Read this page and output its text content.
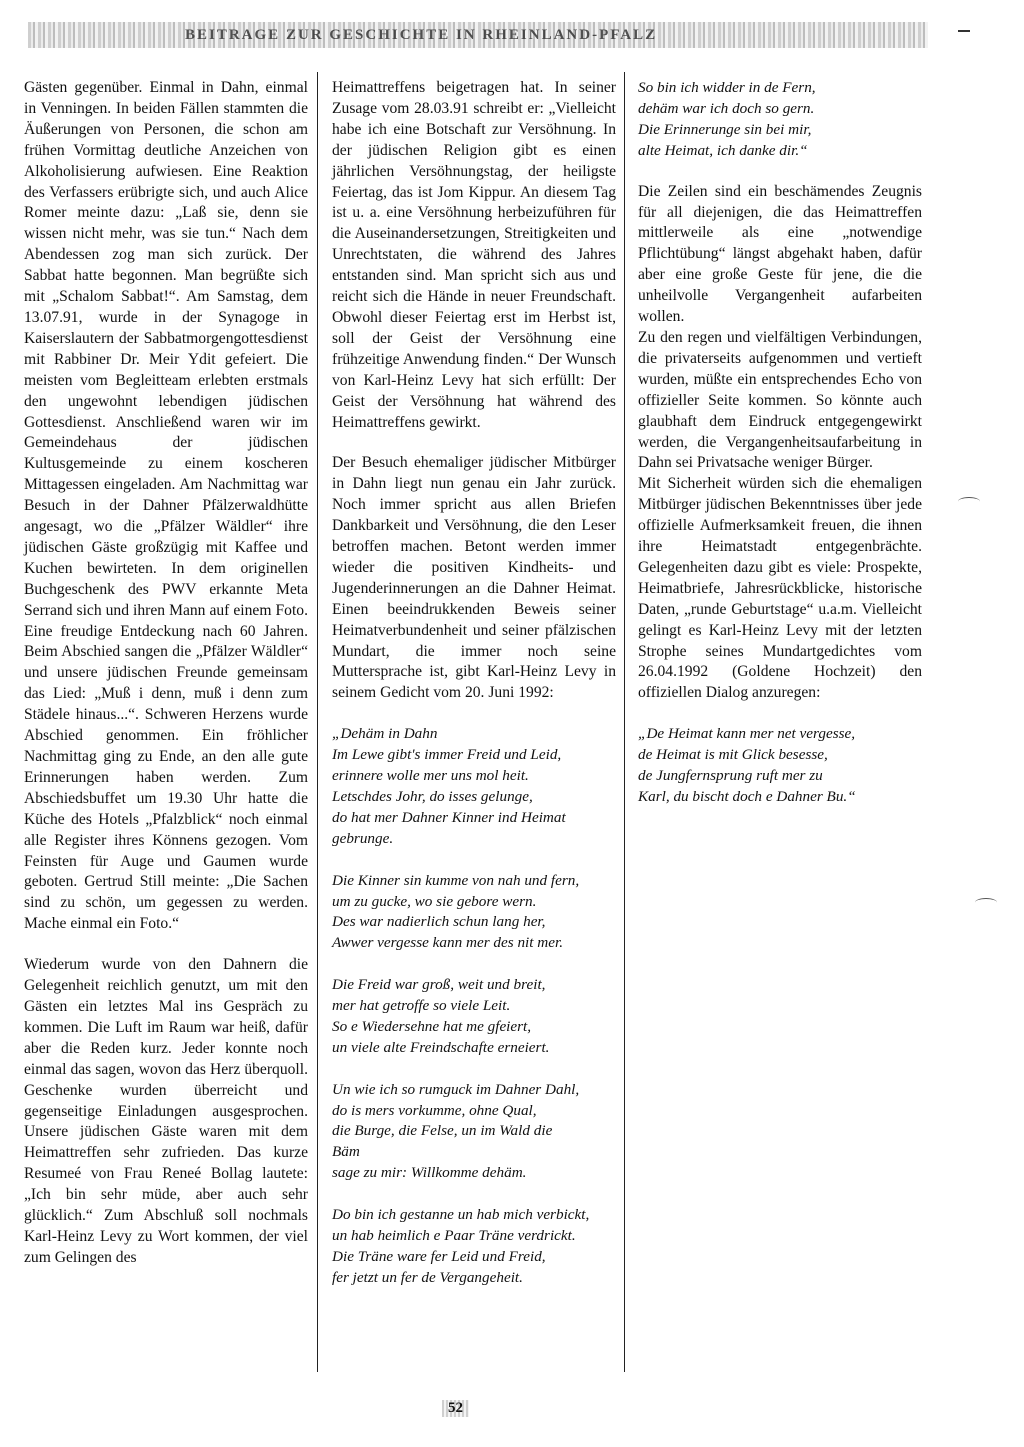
BEITRAGE ZUR GESCHICHTE IN RHEINLAND-PFALZ

Gästen gegenüber. Einmal in Dahn, einmal in Venningen. In beiden Fällen stammten die Äußerungen von Personen, die schon am frühen Vormittag deutliche Anzeichen von Alkoholisierung aufwiesen. Eine Reaktion des Verfassers erübrigte sich, und auch Alice Romer meinte dazu: „Laß sie, denn sie wissen nicht mehr, was sie tun.“ Nach dem Abendessen zog man sich zurück. Der Sabbat hatte begonnen. Man begrüßte sich mit „Schalom Sabbat!“. Am Samstag, dem 13.07.91, wurde in der Synagoge in Kaiserslautern der Sabbatmorgengottesdienst mit Rabbiner Dr. Meir Ydit gefeiert. Die meisten vom Begleitteam erlebten erstmals den ungewohnt lebendigen jüdischen Gottesdienst. Anschließend waren wir im Gemeindehaus der jüdischen Kultusgemeinde zu einem koscheren Mittagessen eingeladen. Am Nachmittag war Besuch in der Dahner Pfälzerwaldhütte angesagt, wo die „Pfälzer Wäldler“ ihre jüdischen Gäste großzügig mit Kaffee und Kuchen bewirteten. In dem originellen Buchgeschenk des PWV erkannte Meta Serrand sich und ihren Mann auf einem Foto. Eine freudige Entdeckung nach 60 Jahren. Beim Abschied sangen die „Pfälzer Wäldler“ und unsere jüdischen Freunde gemeinsam das Lied: „Muß i denn, muß i denn zum Städele hinaus...“. Schweren Herzens wurde Abschied genommen. Ein fröhlicher Nachmittag ging zu Ende, an den alle gute Erinnerungen haben werden. Zum Abschiedsbuffet um 19.30 Uhr hatte die Küche des Hotels „Pfalzblick“ noch einmal alle Register ihres Könnens gezogen. Vom Feinsten für Auge und Gaumen wurde geboten. Gertrud Still meinte: „Die Sachen sind zu schön, um gegessen zu werden. Mache einmal ein Foto.“

Wiederum wurde von den Dahnern die Gelegenheit reichlich genutzt, um mit den Gästen ein letztes Mal ins Gespräch zu kommen. Die Luft im Raum war heiß, dafür aber die Reden kurz. Jeder konnte noch einmal das sagen, wovon das Herz überquoll. Geschenke wurden überreicht und gegenseitige Einladungen ausgesprochen. Unsere jüdischen Gäste waren mit dem Heimattreffen sehr zufrieden. Das kurze Resumeé von Frau Reneé Bollag lautete: „Ich bin sehr müde, aber auch sehr glücklich.“ Zum Abschluß soll nochmals Karl-Heinz Levy zu Wort kommen, der viel zum Gelingen des

Heimattreffens beigetragen hat. In seiner Zusage vom 28.03.91 schreibt er: „Vielleicht habe ich eine Botschaft zur Versöhnung. In der jüdischen Religion gibt es einen jährlichen Versöhnungstag, der heiligste Feiertag, das ist Jom Kippur. An diesem Tag ist u. a. eine Versöhnung herbeizuführen für die Auseinandersetzungen, Streitigkeiten und Unrechtstaten, die während des Jahres entstanden sind. Man spricht sich aus und reicht sich die Hände in neuer Freundschaft. Obwohl dieser Feiertag erst im Herbst ist, soll der Geist der Versöhnung eine frühzeitige Anwendung finden.“ Der Wunsch von Karl-Heinz Levy hat sich erfüllt: Der Geist der Versöhnung hat während des Heimattreffens gewirkt.

Der Besuch ehemaliger jüdischer Mitbürger in Dahn liegt nun genau ein Jahr zurück. Noch immer spricht aus allen Briefen Dankbarkeit und Versöhnung, die den Leser betroffen machen. Betont werden immer wieder die positiven Kindheits- und Jugenderinnerungen an die Dahner Heimat. Einen beeindrukkenden Beweis seiner Heimatverbundenheit und seiner pfälzischen Mundart, die immer noch seine Muttersprache ist, gibt Karl-Heinz Levy in seinem Gedicht vom 20. Juni 1992:

„Dehäm in Dahn
Im Lewe gibt's immer Freid und Leid,
erinnere wolle mer uns mol heit.
Letschdes Johr, do isses gelunge,
do hat mer Dahner Kinner ind Heimat
gebrunge.
Die Kinner sin kumme von nah und fern,
um zu gucke, wo sie gebore wern.
Des war nadierlich schun lang her,
Awwer vergesse kann mer des nit mer.
Die Freid war groß, weit und breit,
mer hat getroffe so viele Leit.
So e Wiedersehne hat me gfeiert,
un viele alte Freindschafte erneiert.
Un wie ich so rumguck im Dahner Dahl,
do is mers vorkumme, ohne Qual,
die Burge, die Felse, un im Wald die
Bäm
sage zu mir: Willkomme dehäm.
Do bin ich gestanne un hab mich verbickt,
un hab heimlich e Paar Träne verdrickt.
Die Träne ware fer Leid und Freid,
fer jetzt un fer de Vergangeheit.
So bin ich widder in de Fern,
dehäm war ich doch so gern.
Die Erinnerunge sin bei mir,
alte Heimat, ich danke dir.“

Die Zeilen sind ein beschämendes Zeugnis für all diejenigen, die das Heimattreffen mittlerweile als eine „notwendige Pflichtübung“ längst abgehakt haben, dafür aber eine große Geste für jene, die die unheilvolle Vergangenheit aufarbeiten wollen.

Zu den regen und vielfältigen Verbindungen, die privaterseits aufgenommen und vertieft wurden, müßte ein entsprechendes Echo von offizieller Seite kommen. So könnte auch glaubhaft dem Eindruck entgegengewirkt werden, die Vergangenheitsaufarbeitung in Dahn sei Privatsache weniger Bürger.

Mit Sicherheit würden sich die ehemaligen Mitbürger jüdischen Bekenntnisses über jede offizielle Aufmerksamkeit freuen, die ihnen ihre Heimatstadt entgegenbrächte. Gelegenheiten dazu gibt es viele: Prospekte, Heimatbriefe, Jahresrückblicke, historische Daten, „runde Geburtstage“ u.a.m. Vielleicht gelingt es Karl-Heinz Levy mit der letzten Strophe seines Mundartgedichtes vom 26.04.1992 (Goldene Hochzeit) den offiziellen Dialog anzuregen:

„De Heimat kann mer net vergesse,
de Heimat is mit Glick besesse,
de Jungfernsprung ruft mer zu
Karl, du bischt doch e Dahner Bu.“
52
